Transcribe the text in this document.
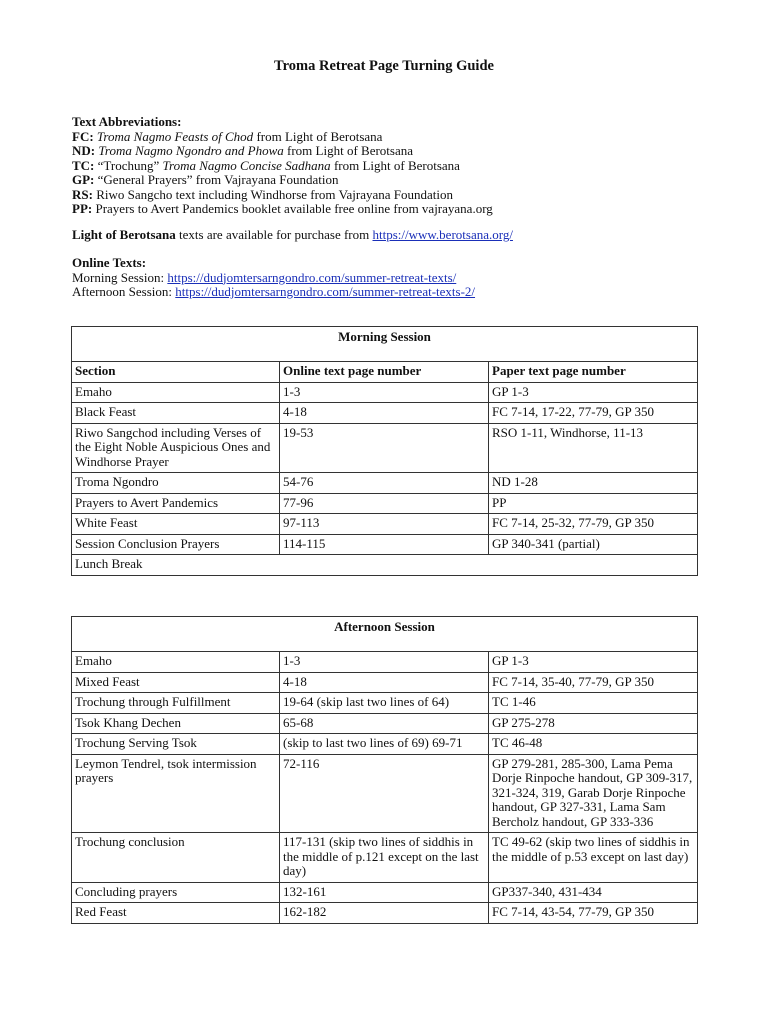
Troma Retreat Page Turning Guide
Text Abbreviations:
FC: Troma Nagmo Feasts of Chod from Light of Berotsana
ND: Troma Nagmo Ngondro and Phowa from Light of Berotsana
TC: “Trochung” Troma Nagmo Concise Sadhana from Light of Berotsana
GP: “General Prayers” from Vajrayana Foundation
RS: Riwo Sangcho text including Windhorse from Vajrayana Foundation
PP: Prayers to Avert Pandemics booklet available free online from vajrayana.org
Light of Berotsana texts are available for purchase from https://www.berotsana.org/
Online Texts:
Morning Session: https://dudjomtersarngondro.com/summer-retreat-texts/
Afternoon Session: https://dudjomtersarngondro.com/summer-retreat-texts-2/
Morning Session		
Section	Online text page number	Paper text page number
Emaho	1-3	GP 1-3
Black Feast	4-18	FC 7-14, 17-22, 77-79, GP 350
Riwo Sangchod including Verses of the Eight Noble Auspicious Ones and Windhorse Prayer	19-53	RSO 1-11, Windhorse, 11-13
Troma Ngondro	54-76	ND 1-28
Prayers to Avert Pandemics	77-96	PP
White Feast	97-113	FC 7-14, 25-32, 77-79, GP 350
Session Conclusion Prayers	114-115	GP 340-341 (partial)
Lunch Break		
Afternoon Session		
Emaho	1-3	GP 1-3
Mixed Feast	4-18	FC 7-14, 35-40, 77-79, GP 350
Trochung through Fulfillment	19-64 (skip last two lines of 64)	TC 1-46
Tsok Khang Dechen	65-68	GP 275-278
Trochung Serving Tsok	(skip to last two lines of 69) 69-71	TC 46-48
Leymon Tendrel, tsok intermission prayers	72-116	GP 279-281, 285-300, Lama Pema Dorje Rinpoche handout, GP 309-317, 321-324, 319, Garab Dorje Rinpoche handout, GP 327-331, Lama Sam Bercholz handout, GP 333-336
Trochung conclusion	117-131 (skip two lines of siddhis in the middle of p.121 except on the last day)	TC 49-62 (skip two lines of siddhis in the middle of p.53 except on last day)
Concluding prayers	132-161	GP337-340, 431-434
Red Feast	162-182	FC 7-14, 43-54, 77-79, GP 350
